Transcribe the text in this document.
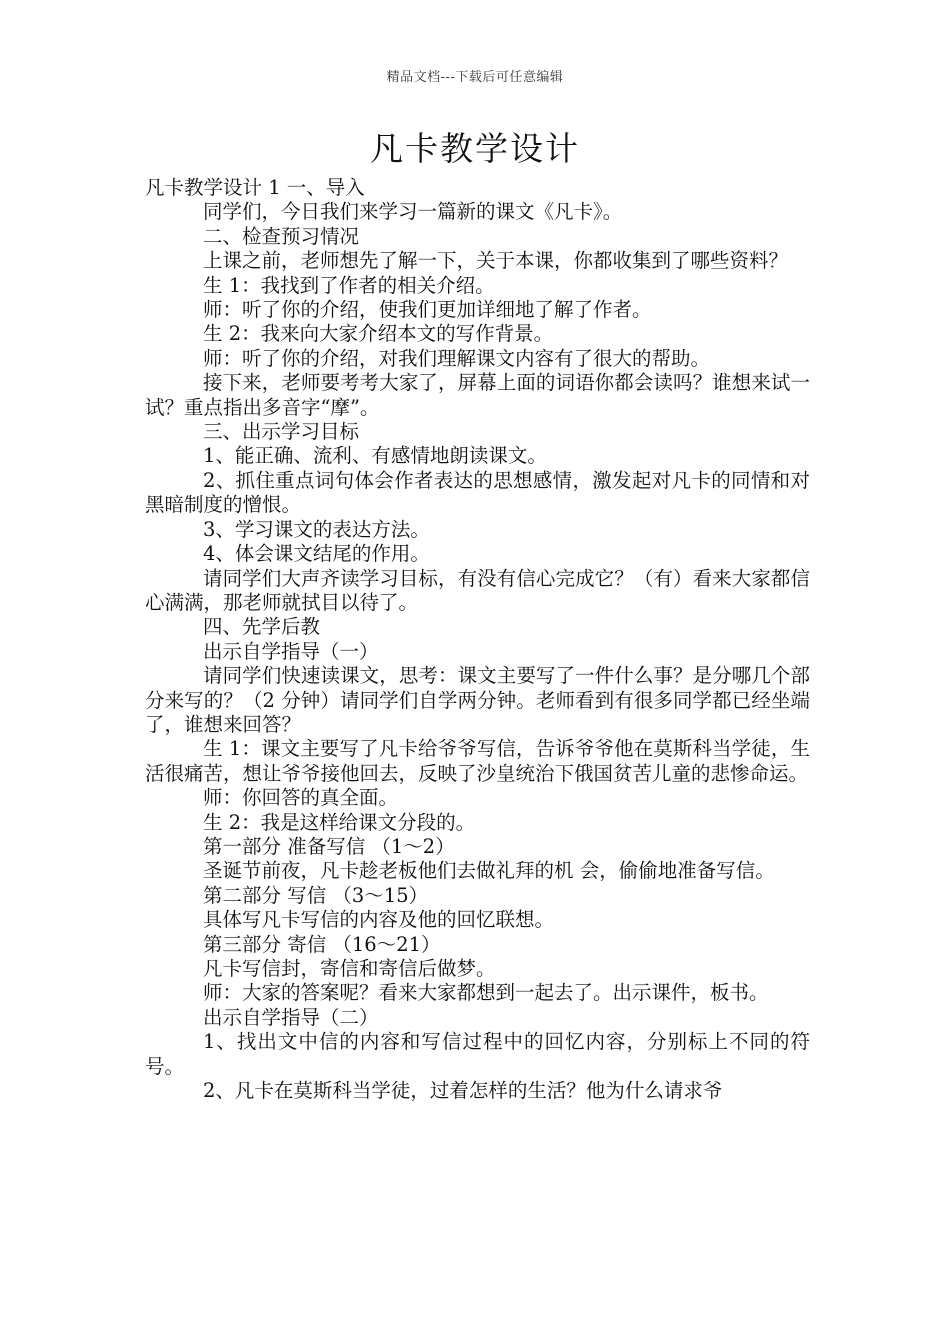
精品文档---下载后可任意编辑
凡卡教学设计

凡卡教学设计 1 一、导入

同学们，今日我们来学习一篇新的课文《凡卡》。

二、检查预习情况

上课之前，老师想先了解一下，关于本课，你都收集到了哪些资料？

生 1：我找到了作者的相关介绍。

师：听了你的介绍，使我们更加详细地了解了作者。

生 2：我来向大家介绍本文的写作背景。

师：听了你的介绍，对我们理解课文内容有了很大的帮助。

接下来，老师要考考大家了，屏幕上面的词语你都会读吗？谁想来试一试？重点指出多音字“摩”。

三、出示学习目标

1、能正确、流利、有感情地朗读课文。

2、抓住重点词句体会作者表达的思想感情，激发起对凡卡的同情和对黑暗制度的憎恨。

3、学习课文的表达方法。

4、体会课文结尾的作用。

请同学们大声齐读学习目标，有没有信心完成它？（有）看来大家都信心满满，那老师就拭目以待了。

四、先学后教

出示自学指导（一）

请同学们快速读课文，思考：课文主要写了一件什么事？是分哪几个部分来写的？（2 分钟）请同学们自学两分钟。老师看到有很多同学都已经坐端了，谁想来回答？

生 1：课文主要写了凡卡给爷爷写信，告诉爷爷他在莫斯科当学徒，生活很痛苦，想让爷爷接他回去，反映了沙皇统治下俄国贫苦儿童的悲惨命运。

师：你回答的真全面。

生 2：我是这样给课文分段的。

第一部分 准备写信 （1～2）

圣诞节前夜，凡卡趁老板他们去做礼拜的机 会，偷偷地准备写信。

第二部分 写信 （3～15）

具体写凡卡写信的内容及他的回忆联想。

第三部分 寄信 （16～21）

凡卡写信封，寄信和寄信后做梦。

师：大家的答案呢？看来大家都想到一起去了。出示课件，板书。

出示自学指导（二）

1、找出文中信的内容和写信过程中的回忆内容，分别标上不同的符号。

2、凡卡在莫斯科当学徒，过着怎样的生活？他为什么请求爷
